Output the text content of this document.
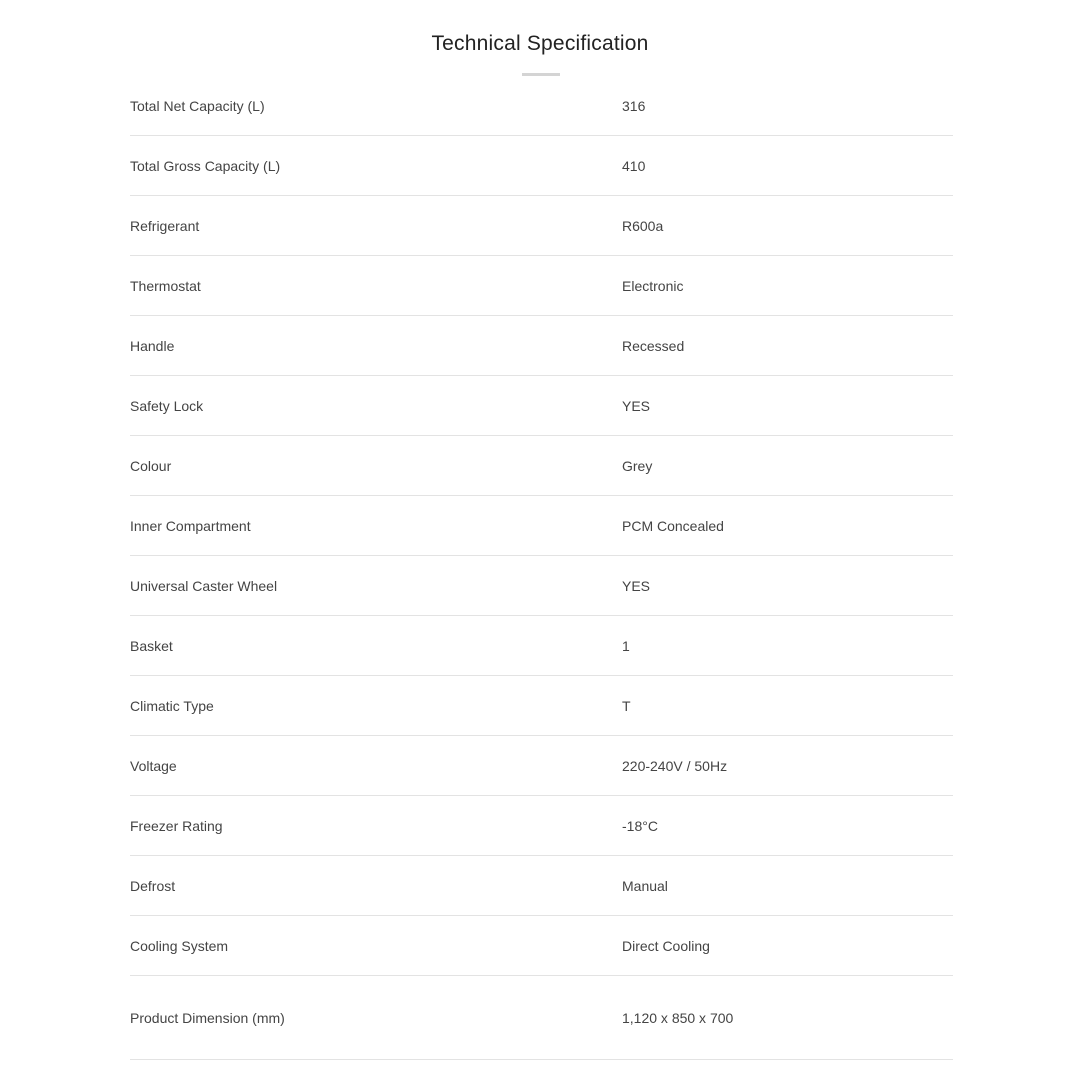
Technical Specification
Total Net Capacity (L)	316
Total Gross Capacity (L)	410
Refrigerant	R600a
Thermostat	Electronic
Handle	Recessed
Safety Lock	YES
Colour	Grey
Inner Compartment	PCM Concealed
Universal Caster Wheel	YES
Basket	1
Climatic Type	T
Voltage	220-240V / 50Hz
Freezer Rating	-18°C
Defrost	Manual
Cooling System	Direct Cooling
Product Dimension (mm)	1,120 x 850 x 700
